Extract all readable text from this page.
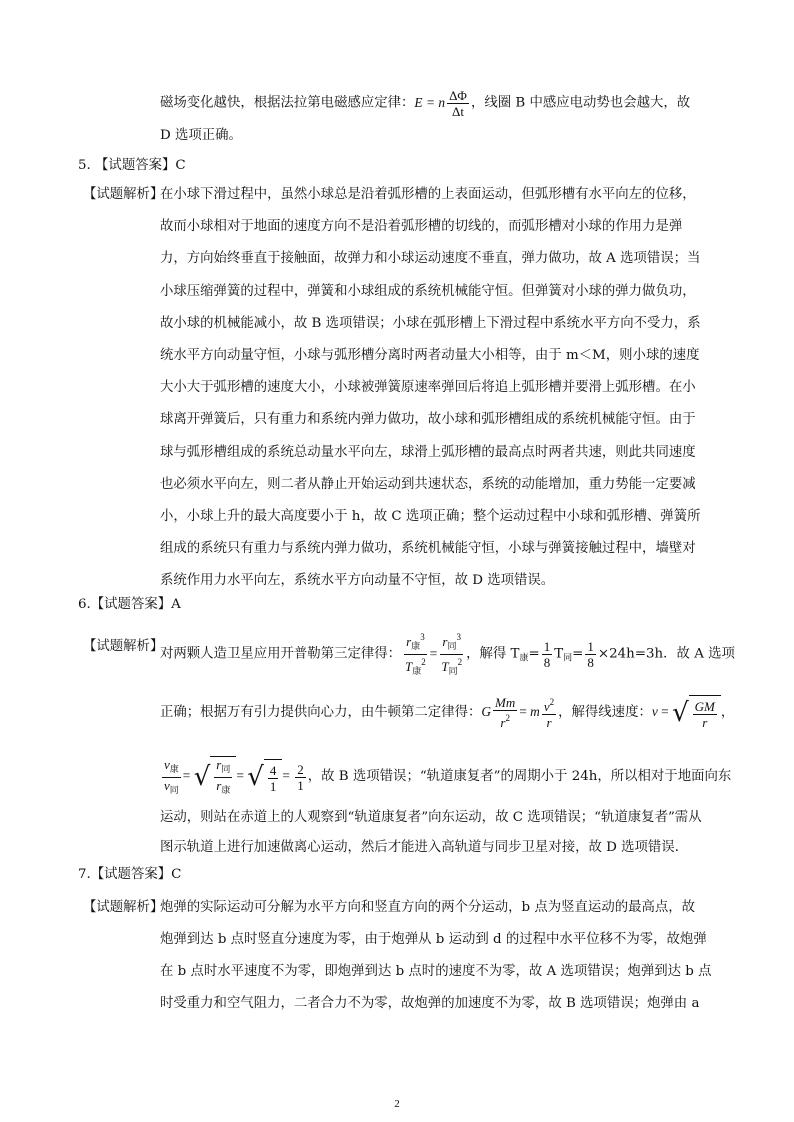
磁场变化越快，根据法拉第电磁感应定律：E = n $\frac{\Delta\Phi}{\Delta t}$ ，线圈 B 中感应电动势也会越大，故
D 选项正确。
5. 【试题答案】C
【试题解析】
在小球下滑过程中，虽然小球总是沿着弧形槽的上表面运动，但弧形槽有水平向左的位移，
故而小球相对于地面的速度方向不是沿着弧形槽的切线的，而弧形槽对小球的作用力是弹
力，方向始终垂直于接触面，故弹力和小球运动速度不垂直，弹力做功，故 A 选项错误；当
小球压缩弹簧的过程中，弹簧和小球组成的系统机械能守恒。但弹簧对小球的弹力做负功，
故小球的机械能减小，故 B 选项错误；小球在弧形槽上下滑过程中系统水平方向不受力，系
统水平方向动量守恒，小球与弧形槽分离时两者动量大小相等，由于 m＜M，则小球的速度
大小大于弧形槽的速度大小，小球被弹簧原速率弹回后将追上弧形槽并要滑上弧形槽。在小
球离开弹簧后，只有重力和系统内弹力做功，故小球和弧形槽组成的系统机械能守恒。由于
球与弧形槽组成的系统总动量水平向左，球滑上弧形槽的最高点时两者共速，则此共同速度
也必须水平向左，则二者从静止开始运动到共速状态，系统的动能增加，重力势能一定要减
小，小球上升的最大高度要小于 h，故 C 选项正确；整个运动过程中小球和弧形槽、弹簧所
组成的系统只有重力与系统内弹力做功，系统机械能守恒，小球与弹簧接触过程中，墙壁对
系统作用力水平向左，系统水平方向动量不守恒，故 D 选项错误。
6.【试题答案】A
【试题解析】
对两颗人造卫星应用开普勒第三定律得： $\frac{r_康^3}{T_康^2} = \frac{r_同^3}{T_同^2}$ ，解得 $T_康= \frac{1}{8} T_同= \frac{1}{8} \times 24h=3h$．故 A 选项
正确；根据万有引力提供向心力，由牛顿第二定律得：G $\frac{Mm}{r^2} = m \frac{v^2}{r}$ ，解得线速度：v = √ $\frac{GM}{r}$ ，
$\frac{v_康}{v_同}$ = √ $\frac{r_同}{r_康}$ = √ $\frac{4}{1} = \frac{2}{1}$ ，故 B 选项错误；“轨道康复者”的周期小于 24h，所以相对于地面向东
运动，则站在赤道上的人观察到“轨道康复者”向东运动，故 C 选项错误；“轨道康复者”需从
图示轨道上进行加速做离心运动，然后才能进入高轨道与同步卫星对接，故 D 选项错误．
7.【试题答案】C
【试题解析】
炮弹的实际运动可分解为水平方向和竖直方向的两个分运动，b 点为竖直运动的最高点，故
炮弹到达 b 点时竖直分速度为零，由于炮弹从 b 运动到 d 的过程中水平位移不为零，故炮弹
在 b 点时水平速度不为零，即炮弹到达 b 点时的速度不为零，故 A 选项错误；炮弹到达 b 点
时受重力和空气阻力，二者合力不为零，故炮弹的加速度不为零，故 B 选项错误；炮弹由 a
2
